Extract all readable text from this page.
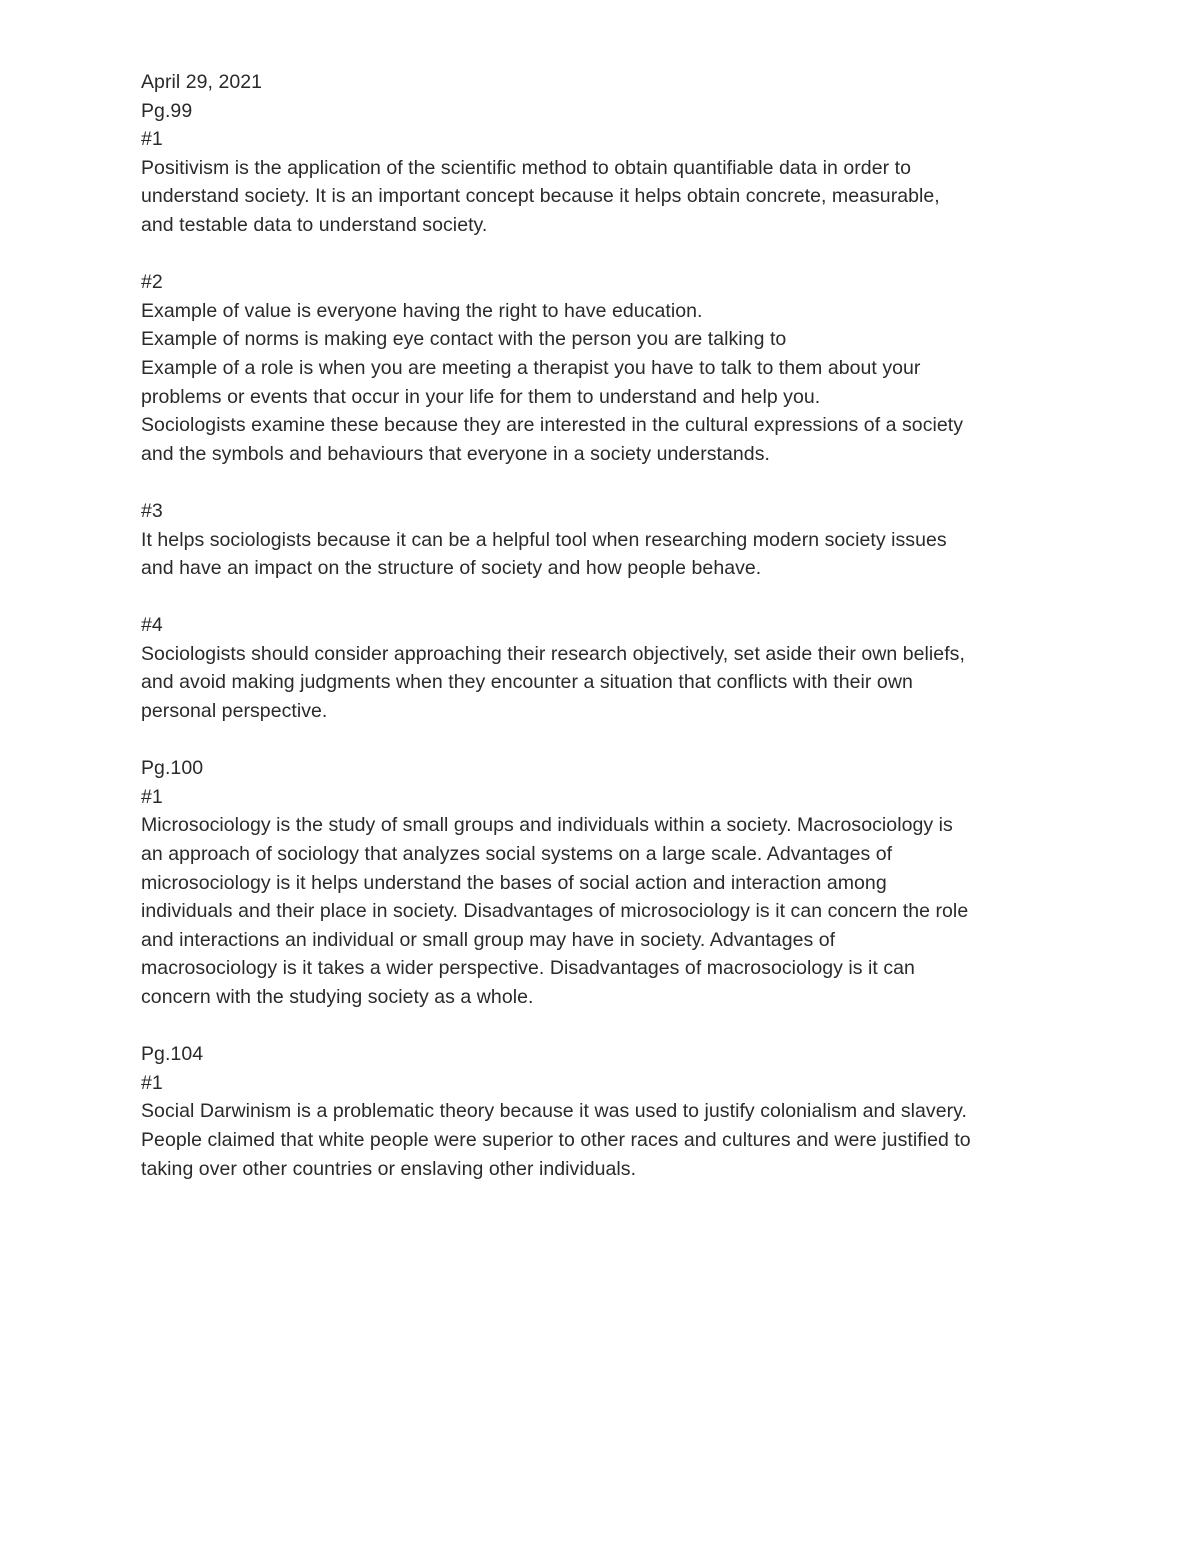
April 29, 2021

Pg.99

#1

Positivism is the application of the scientific method to obtain quantifiable data in order to
understand society. It is an important concept because it helps obtain concrete, measurable,
and testable data to understand society.

#2

Example of value is everyone having the right to have education.
Example of norms is making eye contact with the person you are talking to
Example of a role is when you are meeting a therapist you have to talk to them about your
problems or events that occur in your life for them to understand and help you.
Sociologists examine these because they are interested in the cultural expressions of a society
and the symbols and behaviours that everyone in a society understands.

#3

It helps sociologists because it can be a helpful tool when researching modern society issues
and have an impact on the structure of society and how people behave.

#4

Sociologists should consider approaching their research objectively, set aside their own beliefs,
and avoid making judgments when they encounter a situation that conflicts with their own
personal perspective.

Pg.100

#1

Microsociology is the study of small groups and individuals within a society. Macrosociology is
an approach of sociology that analyzes social systems on a large scale. Advantages of
microsociology is it helps understand the bases of social action and interaction among
individuals and their place in society. Disadvantages of microsociology is it can concern the role
and interactions an individual or small group may have in society. Advantages of
macrosociology is it takes a wider perspective. Disadvantages of macrosociology is it can
concern with the studying society as a whole.

Pg.104

#1

Social Darwinism is a problematic theory because it was used to justify colonialism and slavery.
People claimed that white people were superior to other races and cultures and were justified to
taking over other countries or enslaving other individuals.
